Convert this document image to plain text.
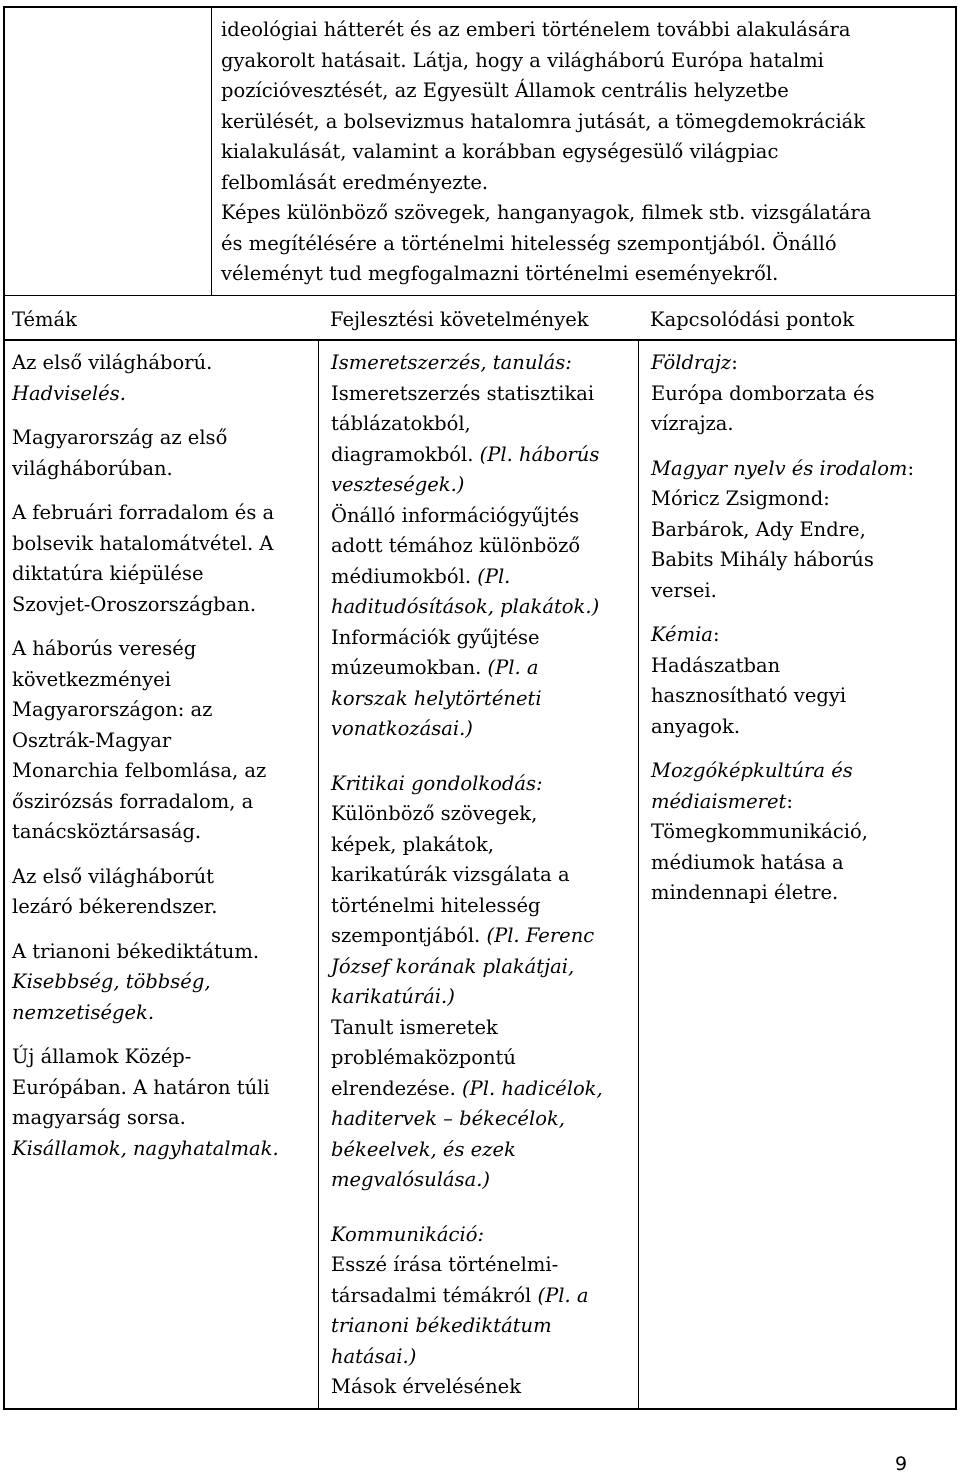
ideológiai hátterét és az emberi történelem további alakulására
gyakorolt hatásait. Látja, hogy a világháború Európa hatalmi
pozícióvesztését, az Egyesült Államok centrális helyzetbe
kerülését, a bolsevizmus hatalomra jutását, a tömegdemokráciák
kialakulását, valamint a korábban egységesülő világpiac
felbomlását eredményezte.
Képes különböző szövegek, hanganyagok, filmek stb. vizsgálatára
és megítélésére a történelmi hitelesség szempontjából. Önálló
véleményt tud megfogalmazni történelmi eseményekről.
Témák	Fejlesztési követelmények	Kapcsolódási pontok
Az első világháború.
Hadviselés.
Magyarország az első
világháborúban.
A februári forradalom és a
bolsevik hatalomátvétel. A
diktatúra kiépülése
Szovjet-Oroszországban.
A háborús vereség
következményei
Magyarországon: az
Osztrák-Magyar
Monarchia felbomlása, az
őszirózsás forradalom, a
tanácsköztársaság.
Az első világháborút
lezáró békerendszer.
A trianoni békediktátum.
Kisebbség, többség,
nemzetiségek.
Új államok Közép-
Európában. A határon túli
magyarság sorsa.
Kisállamok, nagyhatalmak.
Ismeretszerzés, tanulás:
Ismeretszerzés statisztikai
táblázatokból,
diagramokból. (Pl. háborús
veszteségek.)
Önálló információgyűjtés
adott témához különböző
médiumokból. (Pl.
haditudósítások, plakátok.)
Információk gyűjtése
múzeumokban. (Pl. a
korszak helytörténeti
vonatkozásai.)
Kritikai gondolkodás:
Különböző szövegek,
képek, plakátok,
karikatúrák vizsgálata a
történelmi hitelesség
szempontjából. (Pl. Ferenc
József korának plakátjai,
karikatúrái.)
Tanult ismeretek
problémaközpontú
elrendezése. (Pl. hadicélok,
haditervek – békecélok,
békeelvek, és ezek
megvalósulása.)
Kommunikáció:
Esszé írása történelmi-
társadalmi témákról (Pl. a
trianoni békediktátum
hatásai.)
Mások érvelésének
Földrajz:
Európa domborzata és
vízrajza.
Magyar nyelv és irodalom:
Móricz Zsigmond:
Barbárok, Ady Endre,
Babits Mihály háborús
versei.
Kémia:
Hadászatban
hasznosítható vegyi
anyagok.
Mozgóképkultúra és
médiaismeret:
Tömegkommunikáció,
médiumok hatása a
mindennapi életre.
9
